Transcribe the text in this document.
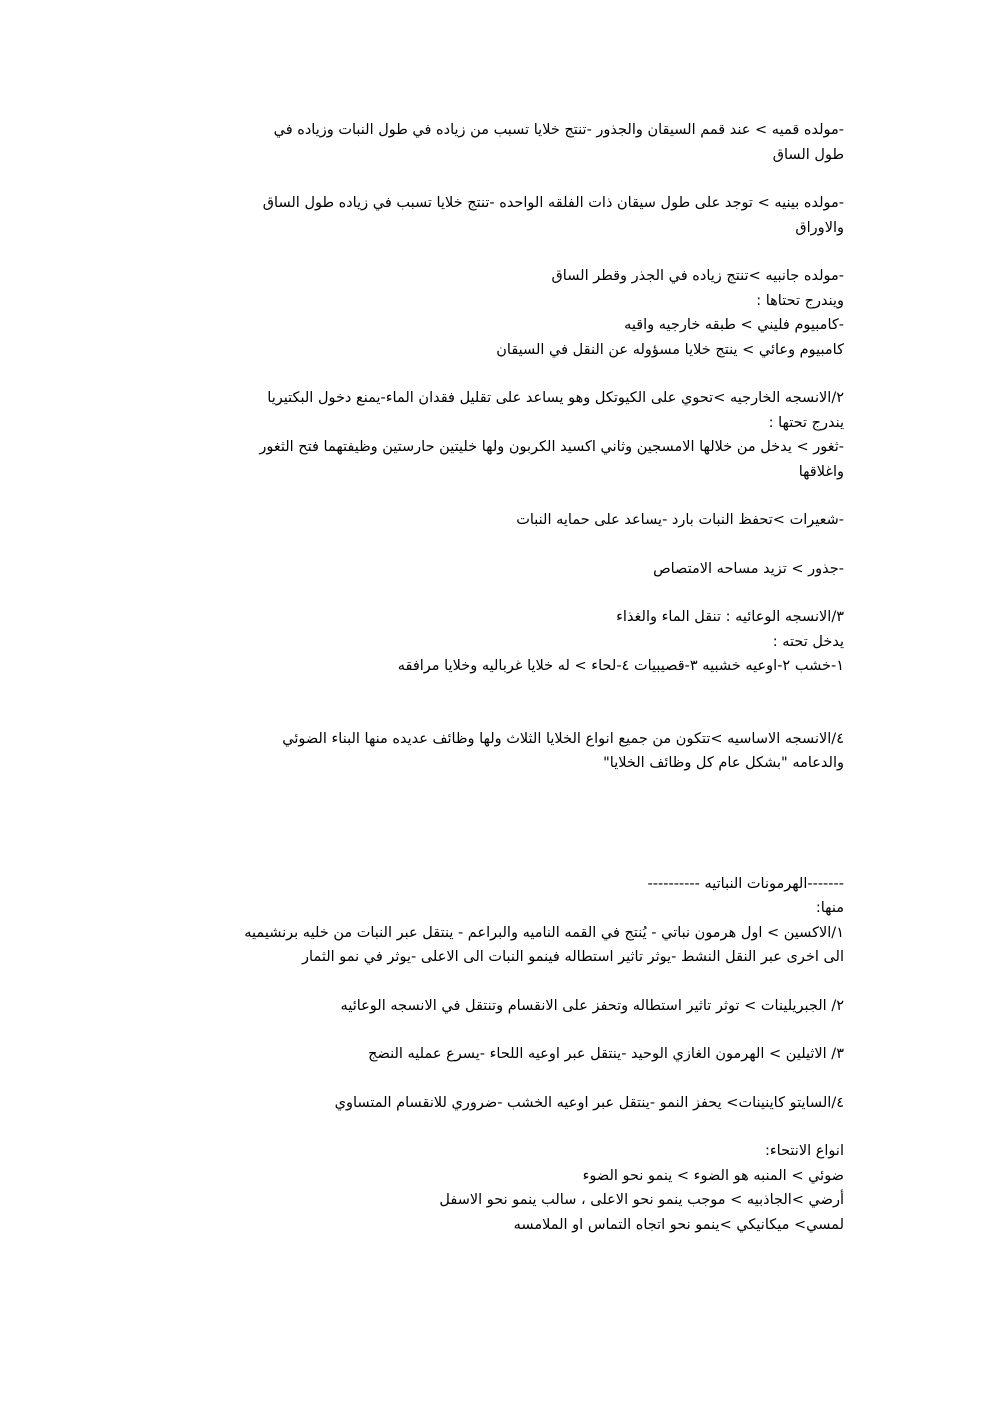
-مولده قميه > عند قمم السيقان والجذور -تنتج خلايا تسبب من زياده في طول النبات وزياده في
طول الساق
-مولده بينيه > توجد على طول سيقان ذات الفلقه الواحده -تنتج خلايا تسبب في زياده طول الساق
والاوراق
-مولده جانبيه >تنتج زياده في الجذر وقطر الساق
ويندرج تحتاها :
-كامبيوم فليني > طبقه خارجيه واقيه
كامبيوم وعائي > ينتج خلايا مسؤوله عن النقل في السيقان
٢/الانسجه الخارجيه >تحوي على الكيوتكل وهو يساعد على تقليل فقدان الماء-يمنع دخول البكتيريا
يندرج تحتها :
-ثغور > يدخل من خلالها الامسجين وثاني اكسيد الكربون ولها خليتين حارستين وظيفتهما فتح الثغور
واغلاقها
-شعيرات >تحفظ النبات بارد -يساعد على حمايه النبات
-جذور > تزيد مساحه الامتصاص
٣/الانسجه الوعائيه : تنقل الماء والغذاء
يدخل تحته :
١-خشب ٢-اوعيه خشبيه ٣-قصيبيات ٤-لحاء > له خلايا غرباليه وخلايا مرافقه
٤/الانسجه الاساسيه >تتكون من جميع انواع الخلايا الثلاث ولها وظائف عديده منها البناء الضوئي
والدعامه "بشكل عام كل وظائف الخلايا"
-------الهرمونات النباتيه ----------
منها:
١/الاكسين > اول هرمون نباتي - يُنتج في القمه الناميه والبراعم - ينتقل عبر النبات من خليه برنشيميه
الى اخرى عبر النقل النشط -يوثر تاثير استطاله فينمو النبات الى الاعلى -يوثر في نمو الثمار
٢/ الجبريلينات > توثر تاثير استطاله وتحفز على الانقسام وتنتقل في الانسجه الوعائيه
٣/ الاثيلين > الهرمون الغازي الوحيد -ينتقل عبر اوعيه اللحاء -يسرع عمليه النضج
٤/السايتو كاينينات> يحفز النمو -ينتقل عبر اوعيه الخشب -ضروري للانقسام المتساوي
انواع الانتحاء:
ضوئي > المنبه هو الضوء > ينمو نحو الضوء
أرضي >الجاذبيه > موجب ينمو نحو الاعلى ، سالب ينمو نحو الاسفل
لمسي> ميكانيكي >ينمو نحو اتجاه التماس او الملامسه
